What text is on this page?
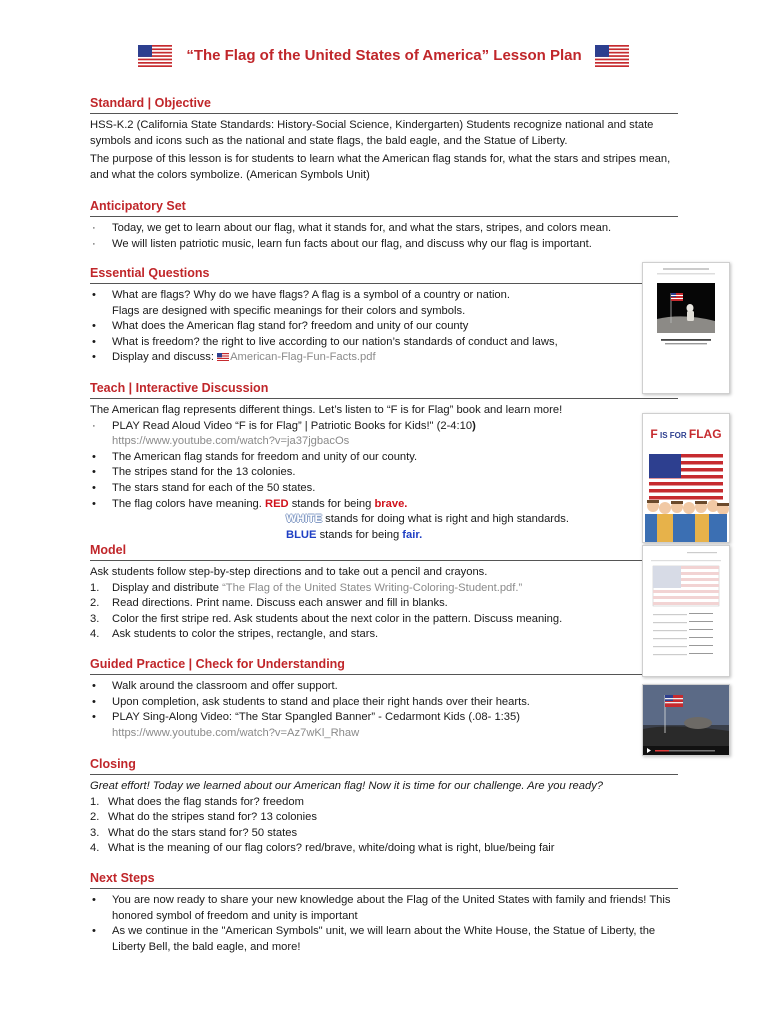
“The Flag of the United States of America” Lesson Plan
Standard | Objective

HSS-K.2 (California State Standards: History-Social Science, Kindergarten) Students recognize national and state symbols and icons such as the national and state flags, the bald eagle, and the Statue of Liberty.

The purpose of this lesson is for students to learn what the American flag stands for, what the stars and stripes mean, and what the colors symbolize. (American Symbols Unit)

Anticipatory Set
· Today, we get to learn about our flag, what it stands for, and what the stars, stripes, and colors mean.
· We will listen patriotic music, learn fun facts about our flag, and discuss why our flag is important.
Essential Questions
• What are flags? Why do we have flags? A flag is a symbol of a country or nation.
Flags are designed with specific meanings for their colors and symbols.
• What does the American flag stand for? freedom and unity of our county
• What is freedom? the right to live according to our nation’s standards of conduct and laws,
• Display and discuss: American-Flag-Fun-Facts.pdf
Teach | Interactive Discussion

The American flag represents different things. Let’s listen to “F is for Flag” book and learn more!

· PLAY Read Aloud Video “F is for Flag” | Patriotic Books for Kids!" (2-4:10)
https://www.youtube.com/watch?v=ja37jgbacOs
• The American flag stands for freedom and unity of our county.
• The stripes stand for the 13 colonies.
• The stars stand for each of the 50 states.
• The flag colors have meaning. RED stands for being brave.

WHITE stands for doing what is right and high standards.

BLUE stands for being fair.

Model

Ask students follow step-by-step directions and to take out a pencil and crayons.

1. Display and distribute “The Flag of the United States Writing-Coloring-Student.pdf.”
2. Read directions. Print name. Discuss each answer and fill in blanks.
3. Color the first stripe red. Ask students about the next color in the pattern. Discuss meaning.
4. Ask students to color the stripes, rectangle, and stars.
Guided Practice | Check for Understanding
• Walk around the classroom and offer support.
• Upon completion, ask students to stand and place their right hands over their hearts.
• PLAY Sing-Along Video: “The Star Spangled Banner” - Cedarmont Kids (.08- 1:35)
https://www.youtube.com/watch?v=Az7wKl_Rhaw
Closing

Great effort! Today we learned about our American flag! Now it is time for our challenge. Are you ready?

1. What does the flag stands for? freedom
2. What do the stripes stand for? 13 colonies
3. What do the stars stand for? 50 states
4. What is the meaning of our flag colors? red/brave, white/doing what is right, blue/being fair
Next Steps
• You are now ready to share your new knowledge about the Flag of the United States with family and friends! This honored symbol of freedom and unity is important
• As we continue in the "American Symbols" unit, we will learn about the White House, the Statue of Liberty, the Liberty Bell, the bald eagle, and more!
F IS FOR FLAG
